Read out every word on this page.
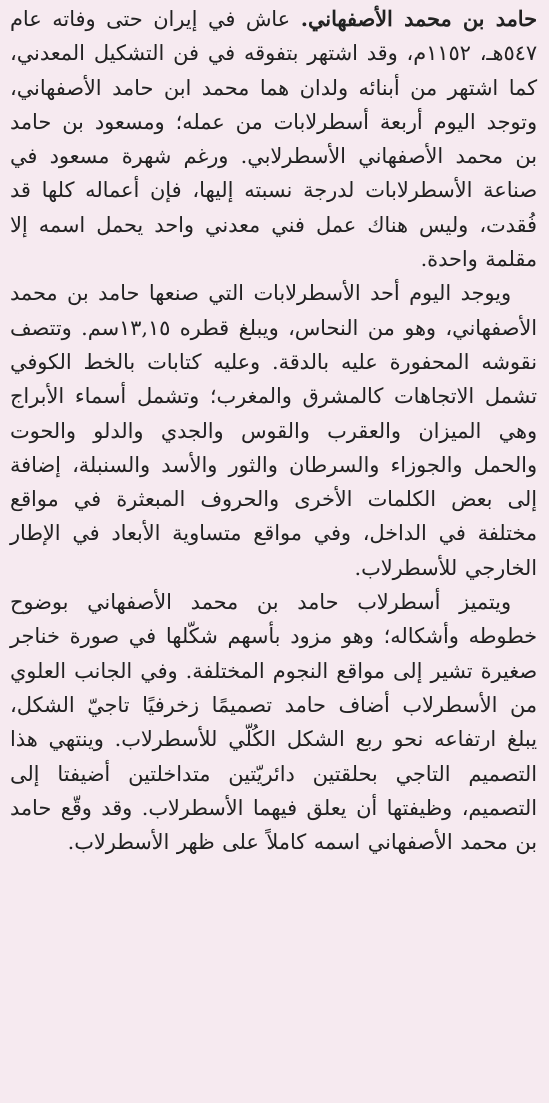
حامد بن محمد الأصفهاني. عاش في إيران حتى وفاته عام ٥٤٧هـ، ١١٥٢م، وقد اشتهر بتفوقه في فن التشكيل المعدني، كما اشتهر من أبنائه ولدان هما محمد ابن حامد الأصفهاني، وتوجد اليوم أربعة أسطرلابات من عمله؛ ومسعود بن حامد بن محمد الأصفهاني الأسطرلابي. ورغم شهرة مسعود في صناعة الأسطرلابات لدرجة نسبته إليها، فإن أعماله كلها قد فُقدت، وليس هناك عمل فني معدني واحد يحمل اسمه إلا مقلمة واحدة.

ويوجد اليوم أحد الأسطرلابات التي صنعها حامد بن محمد الأصفهاني، وهو من النحاس، ويبلغ قطره ١٣,١٥سم. وتتصف نقوشه المحفورة عليه بالدقة. وعليه كتابات بالخط الكوفي تشمل الاتجاهات كالمشرق والمغرب؛ وتشمل أسماء الأبراج وهي الميزان والعقرب والقوس والجدي والدلو والحوت والحمل والجوزاء والسرطان والثور والأسد والسنبلة، إضافة إلى بعض الكلمات الأخرى والحروف المبعثرة في مواقع مختلفة في الداخل، وفي مواقع متساوية الأبعاد في الإطار الخارجي للأسطرلاب.

ويتميز أسطرلاب حامد بن محمد الأصفهاني بوضوح خطوطه وأشكاله؛ وهو مزود بأسهم شكّلها في صورة خناجر صغيرة تشير إلى مواقع النجوم المختلفة. وفي الجانب العلوي من الأسطرلاب أضاف حامد تصميمًا زخرفيًا تاجيّ الشكل، يبلغ ارتفاعه نحو ربع الشكل الكُلّي للأسطرلاب. وينتهي هذا التصميم التاجي بحلقتين دائريّتين متداخلتين أضيفتا إلى التصميم، وظيفتها أن يعلق فيهما الأسطرلاب. وقد وقّع حامد بن محمد الأصفهاني اسمه كاملاً على ظهر الأسطرلاب.
